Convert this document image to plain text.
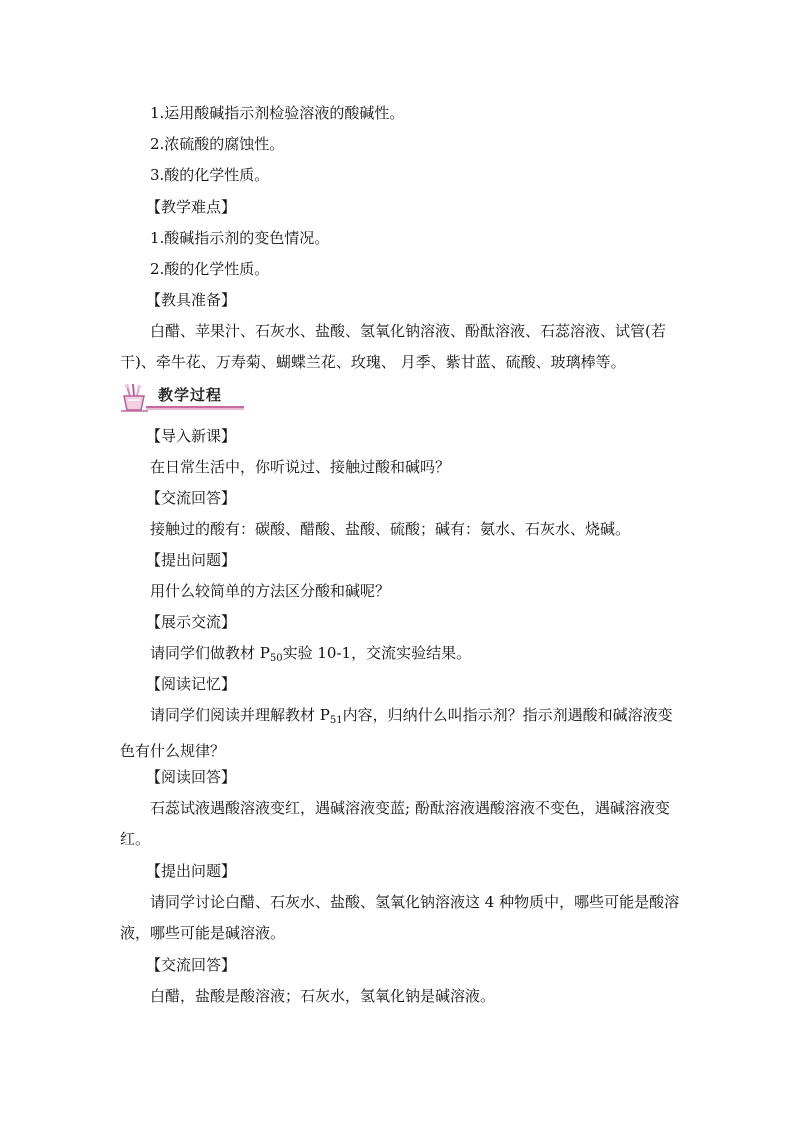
1.运用酸碱指示剂检验溶液的酸碱性。
2.浓硫酸的腐蚀性。
3.酸的化学性质。
【教学难点】
1.酸碱指示剂的变色情况。
2.酸的化学性质。
【教具准备】
白醋、苹果汁、石灰水、盐酸、氢氧化钠溶液、酚酞溶液、石蕊溶液、试管(若干)、牵牛花、万寿菊、蝴蝶兰花、玫瑰、 月季、紫甘蓝、硫酸、玻璃棒等。
教学过程
【导入新课】
在日常生活中，你听说过、接触过酸和碱吗？
【交流回答】
接触过的酸有：碳酸、醋酸、盐酸、硫酸；碱有：氨水、石灰水、烧碱。
【提出问题】
用什么较简单的方法区分酸和碱呢？
【展示交流】
请同学们做教材 $P_{50}$实验 10-1，交流实验结果。
【阅读记忆】
请同学们阅读并理解教材 $P_{51}$内容，归纳什么叫指示剂？指示剂遇酸和碱溶液变色有什么规律？
【阅读回答】
石蕊试液遇酸溶液变红，遇碱溶液变蓝; 酚酞溶液遇酸溶液不变色，遇碱溶液变红。
【提出问题】
请同学讨论白醋、石灰水、盐酸、氢氧化钠溶液这 4 种物质中，哪些可能是酸溶液，哪些可能是碱溶液。
【交流回答】
白醋，盐酸是酸溶液；石灰水，氢氧化钠是碱溶液。
